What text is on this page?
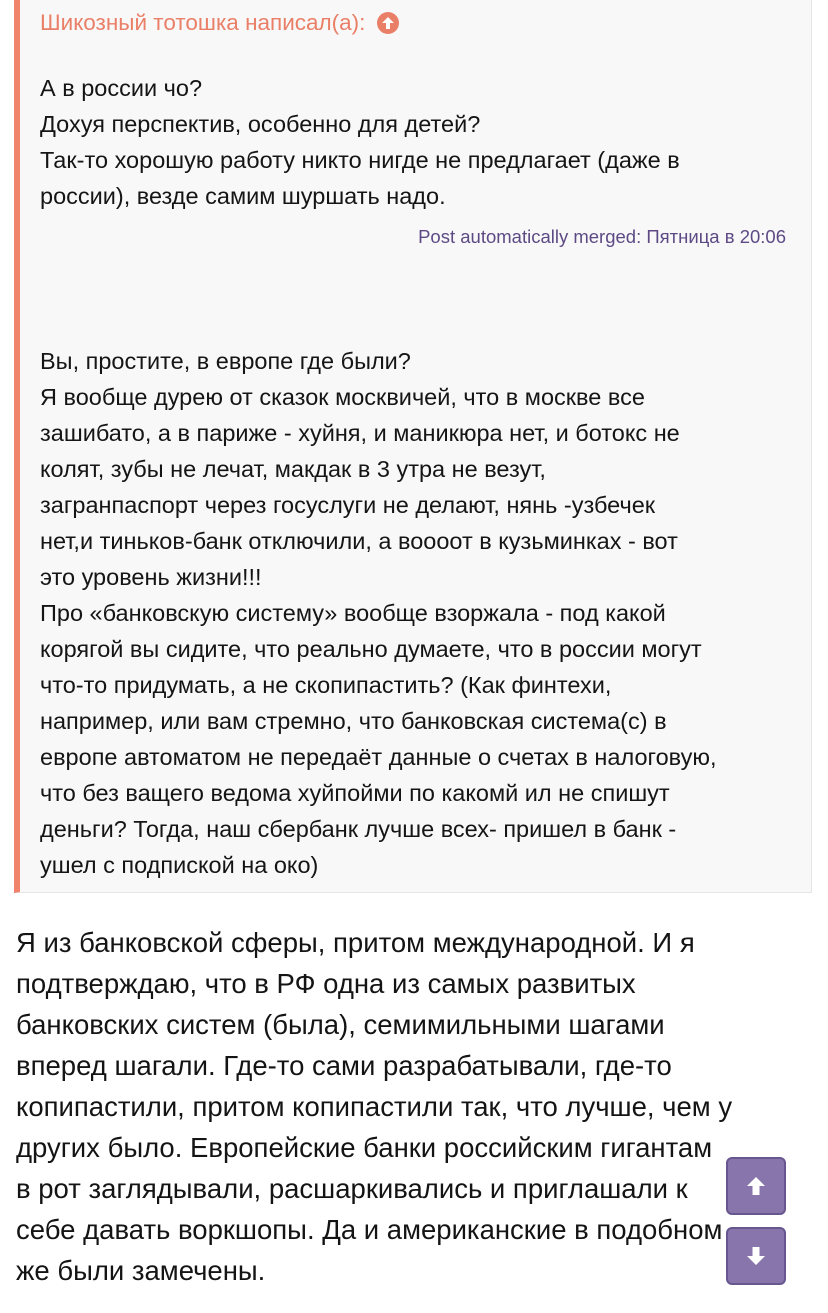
Шикозный тотошка написал(а):
А в россии чо?
Дохуя перспектив, особенно для детей?
Так-то хорошую работу никто нигде не предлагает (даже в
россии), везде самим шуршать надо.
Post automatically merged: Пятница в 20:06
Вы, простите, в европе где были?
Я вообще дурею от сказок москвичей, что в москве все
зашибато, а в париже - хуйня, и маникюра нет, и ботокс не
колят, зубы не лечат, макдак в 3 утра не везут,
загранпаспорт через госуслуги не делают, нянь -узбечек
нет,и тиньков-банк отключили, а воооот в кузьминках - вот
это уровень жизни!!!
Про «банковскую систему» вообще взоржала - под какой
корягой вы сидите, что реально думаете, что в россии могут
что-то придумать, а не скопипастить? (Как финтехи,
например, или вам стремно, что банковская система(с) в
европе автоматом не передаёт данные о счетах в налоговую,
что без ващего ведома хуйпойми по какомй ил не спишут
деньги? Тогда, наш сбербанк лучше всех- пришел в банк -
ушел с подпиской на око)
Я из банковской сферы, притом международной. И я
подтверждаю, что в РФ одна из самых развитых
банковских систем (была), семимильными шагами
вперед шагали. Где-то сами разрабатывали, где-то
копипастили, притом копипастили так, что лучше, чем у
других было. Европейские банки российским гигантам
в рот заглядывали, расшаркивались и приглашали к
себе давать воркшопы. Да и американские в подобном
же были замечены.
